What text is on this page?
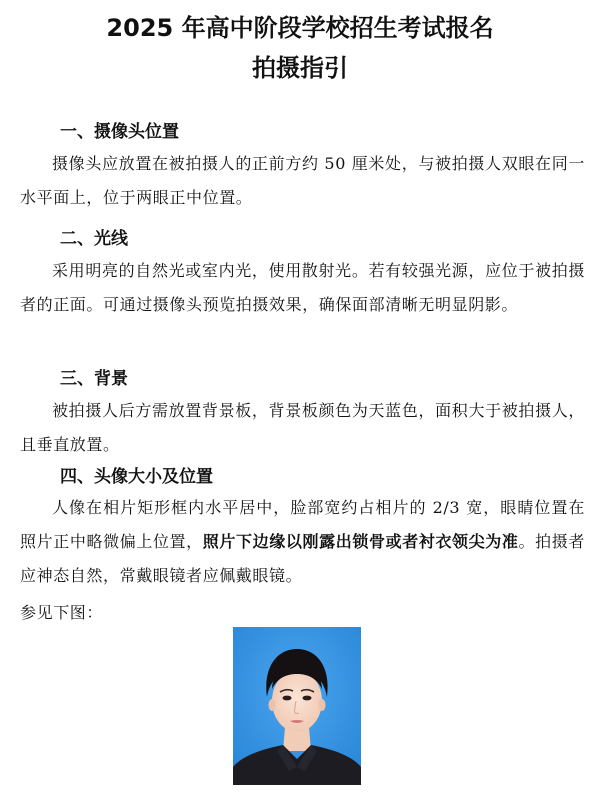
2025 年高中阶段学校招生考试报名
拍摄指引
一、摄像头位置

摄像头应放置在被拍摄人的正前方约 50 厘米处，与被拍摄人双眼在同一水平面上，位于两眼正中位置。

二、光线

采用明亮的自然光或室内光，使用散射光。若有较强光源，应位于被拍摄者的正面。可通过摄像头预览拍摄效果，确保面部清晰无明显阴影。

三、背景

被拍摄人后方需放置背景板，背景板颜色为天蓝色，面积大于被拍摄人，且垂直放置。

四、头像大小及位置

人像在相片矩形框内水平居中，脸部宽约占相片的 2/3 宽，眼睛位置在照片正中略微偏上位置，照片下边缘以刚露出锁骨或者衬衣领尖为准。拍摄者应神态自然，常戴眼镜者应佩戴眼镜。

参见下图：
